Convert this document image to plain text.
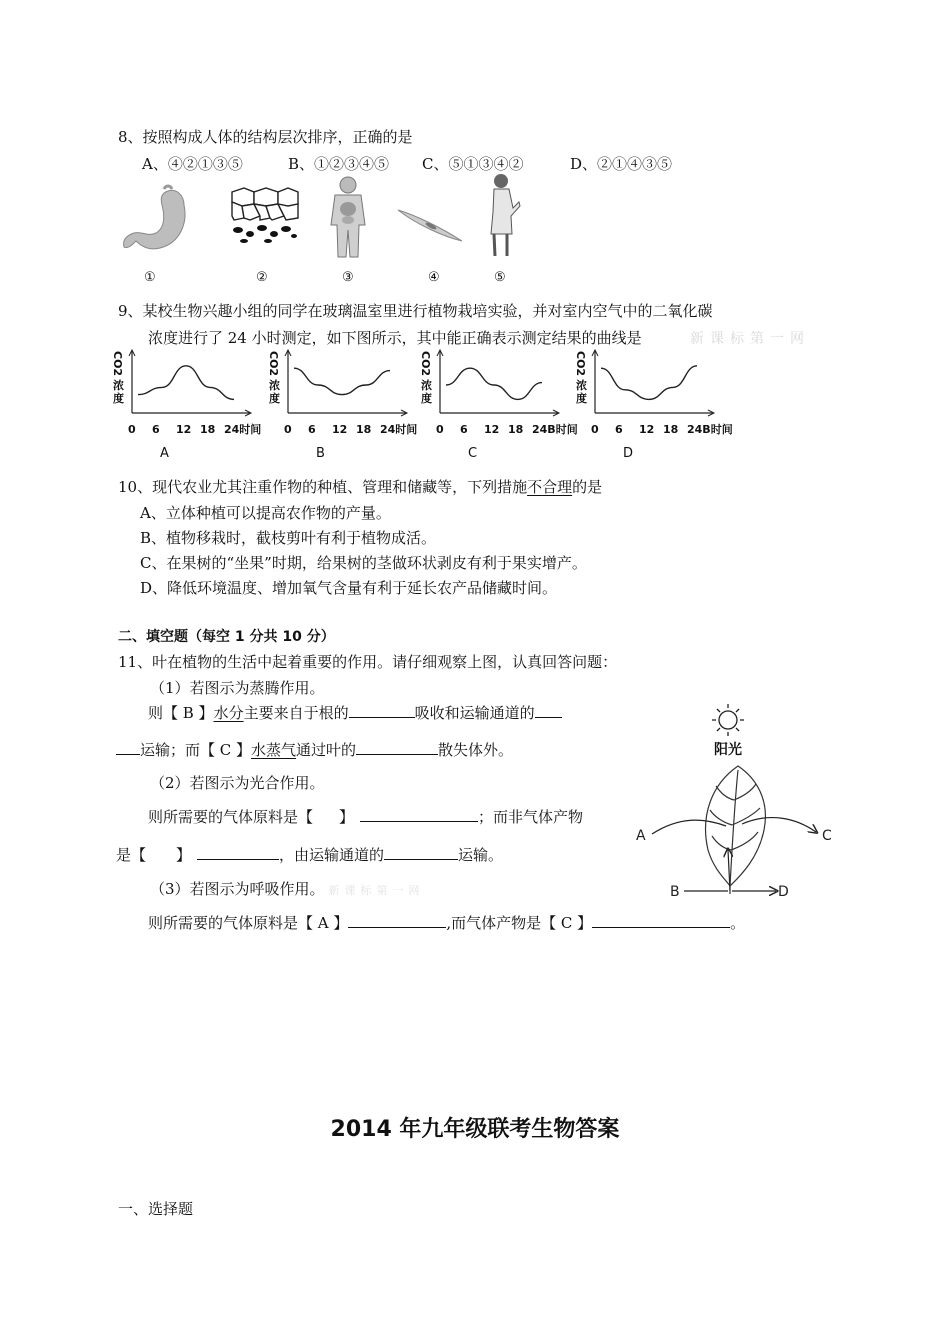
8、按照构成人体的结构层次排序，正确的是
A、④②①③⑤	B、①②③④⑤ C、⑤①③④②	D、②①④③⑤
①	②	③	④	⑤
9、某校生物兴趣小组的同学在玻璃温室里进行植物栽培实验，并对室内空气中的二氧化碳
浓度进行了 24 小时测定，如下图所示，其中能正确表示测定结果的曲线是	新课标第一网
CO2
浓
度
0 6 12 18 24时间
A
CO2
浓
度
0 6 12 18 24时间
B
CO2
浓
度
0 6 12 18 24B时间
C
CO2
浓
度
0 6 12 18 24B时间
D
10、现代农业尤其注重作物的种植、管理和储藏等，下列措施不合理的是
A、立体种植可以提高农作物的产量。
B、植物移栽时，截枝剪叶有利于植物成活。
C、在果树的“坐果”时期，给果树的茎做环状剥皮有利于果实增产。
D、降低环境温度、增加氧气含量有利于延长农产品储藏时间。
二、填空题（每空 1 分共 10 分）
11、叶在植物的生活中起着重要的作用。请仔细观察上图，认真回答问题：
（1）若图示为蒸腾作用。
则【 B 】水分主要来自于根的	吸收和运输通道的
运输；而【 C 】水蒸气通过叶的	散失体外。
（2）若图示为光合作用。
则所需要的气体原料是【 】	；而非气体产物
是【 】	，由运输通道的	运输。
（3）若图示为呼吸作用。 新课标第一网
则所需要的气体原料是【 A 】	,而气体产物是【 C 】	。
阳光
A
B
C
D
2014 年九年级联考生物答案
一、选择题
